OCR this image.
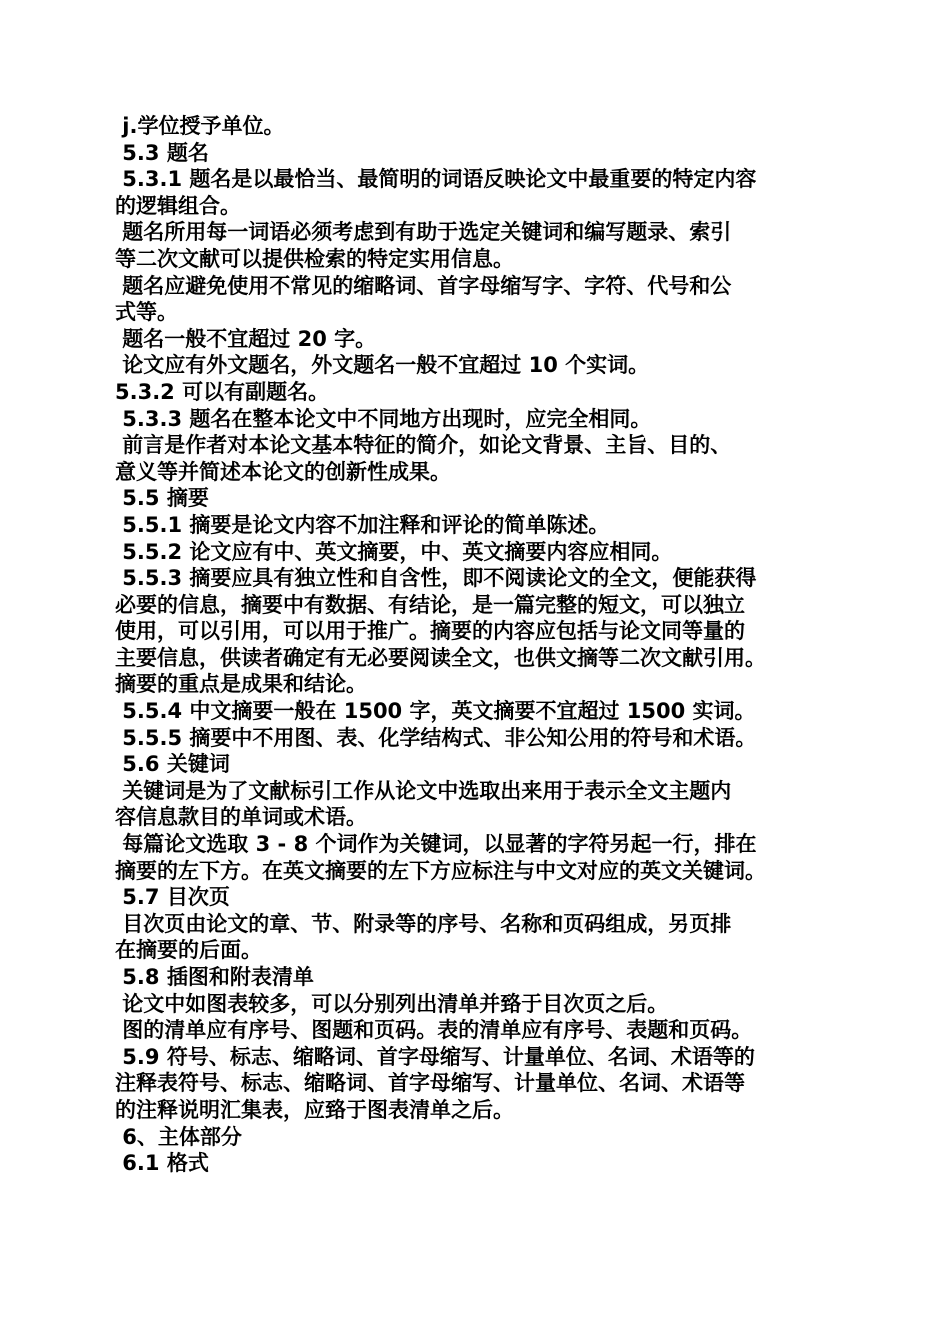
j.学位授予单位。
5.3 题名
5.3.1 题名是以最恰当、最简明的词语反映论文中最重要的特定内容
的逻辑组合。
题名所用每一词语必须考虑到有助于选定关键词和编写题录、索引
等二次文献可以提供检索的特定实用信息。
题名应避免使用不常见的缩略词、首字母缩写字、字符、代号和公
式等。
题名一般不宜超过 20 字。
论文应有外文题名，外文题名一般不宜超过 10 个实词。
5.3.2 可以有副题名。
5.3.3 题名在整本论文中不同地方出现时，应完全相同。
前言是作者对本论文基本特征的简介，如论文背景、主旨、目的、
意义等并简述本论文的创新性成果。
5.5 摘要
5.5.1 摘要是论文内容不加注释和评论的简单陈述。
5.5.2 论文应有中、英文摘要，中、英文摘要内容应相同。
5.5.3 摘要应具有独立性和自含性，即不阅读论文的全文，便能获得
必要的信息，摘要中有数据、有结论，是一篇完整的短文，可以独立
使用，可以引用，可以用于推广。摘要的内容应包括与论文同等量的
主要信息，供读者确定有无必要阅读全文，也供文摘等二次文献引用。
摘要的重点是成果和结论。
5.5.4 中文摘要一般在 1500 字，英文摘要不宜超过 1500 实词。
5.5.5 摘要中不用图、表、化学结构式、非公知公用的符号和术语。
5.6 关键词
关键词是为了文献标引工作从论文中选取出来用于表示全文主题内
容信息款目的单词或术语。
每篇论文选取 3 - 8 个词作为关键词，以显著的字符另起一行，排在
摘要的左下方。在英文摘要的左下方应标注与中文对应的英文关键词。
5.7 目次页
目次页由论文的章、节、附录等的序号、名称和页码组成，另页排
在摘要的后面。
5.8 插图和附表清单
论文中如图表较多，可以分别列出清单并臵于目次页之后。
图的清单应有序号、图题和页码。表的清单应有序号、表题和页码。
5.9 符号、标志、缩略词、首字母缩写、计量单位、名词、术语等的
注释表符号、标志、缩略词、首字母缩写、计量单位、名词、术语等
的注释说明汇集表，应臵于图表清单之后。
6、主体部分
6.1 格式
